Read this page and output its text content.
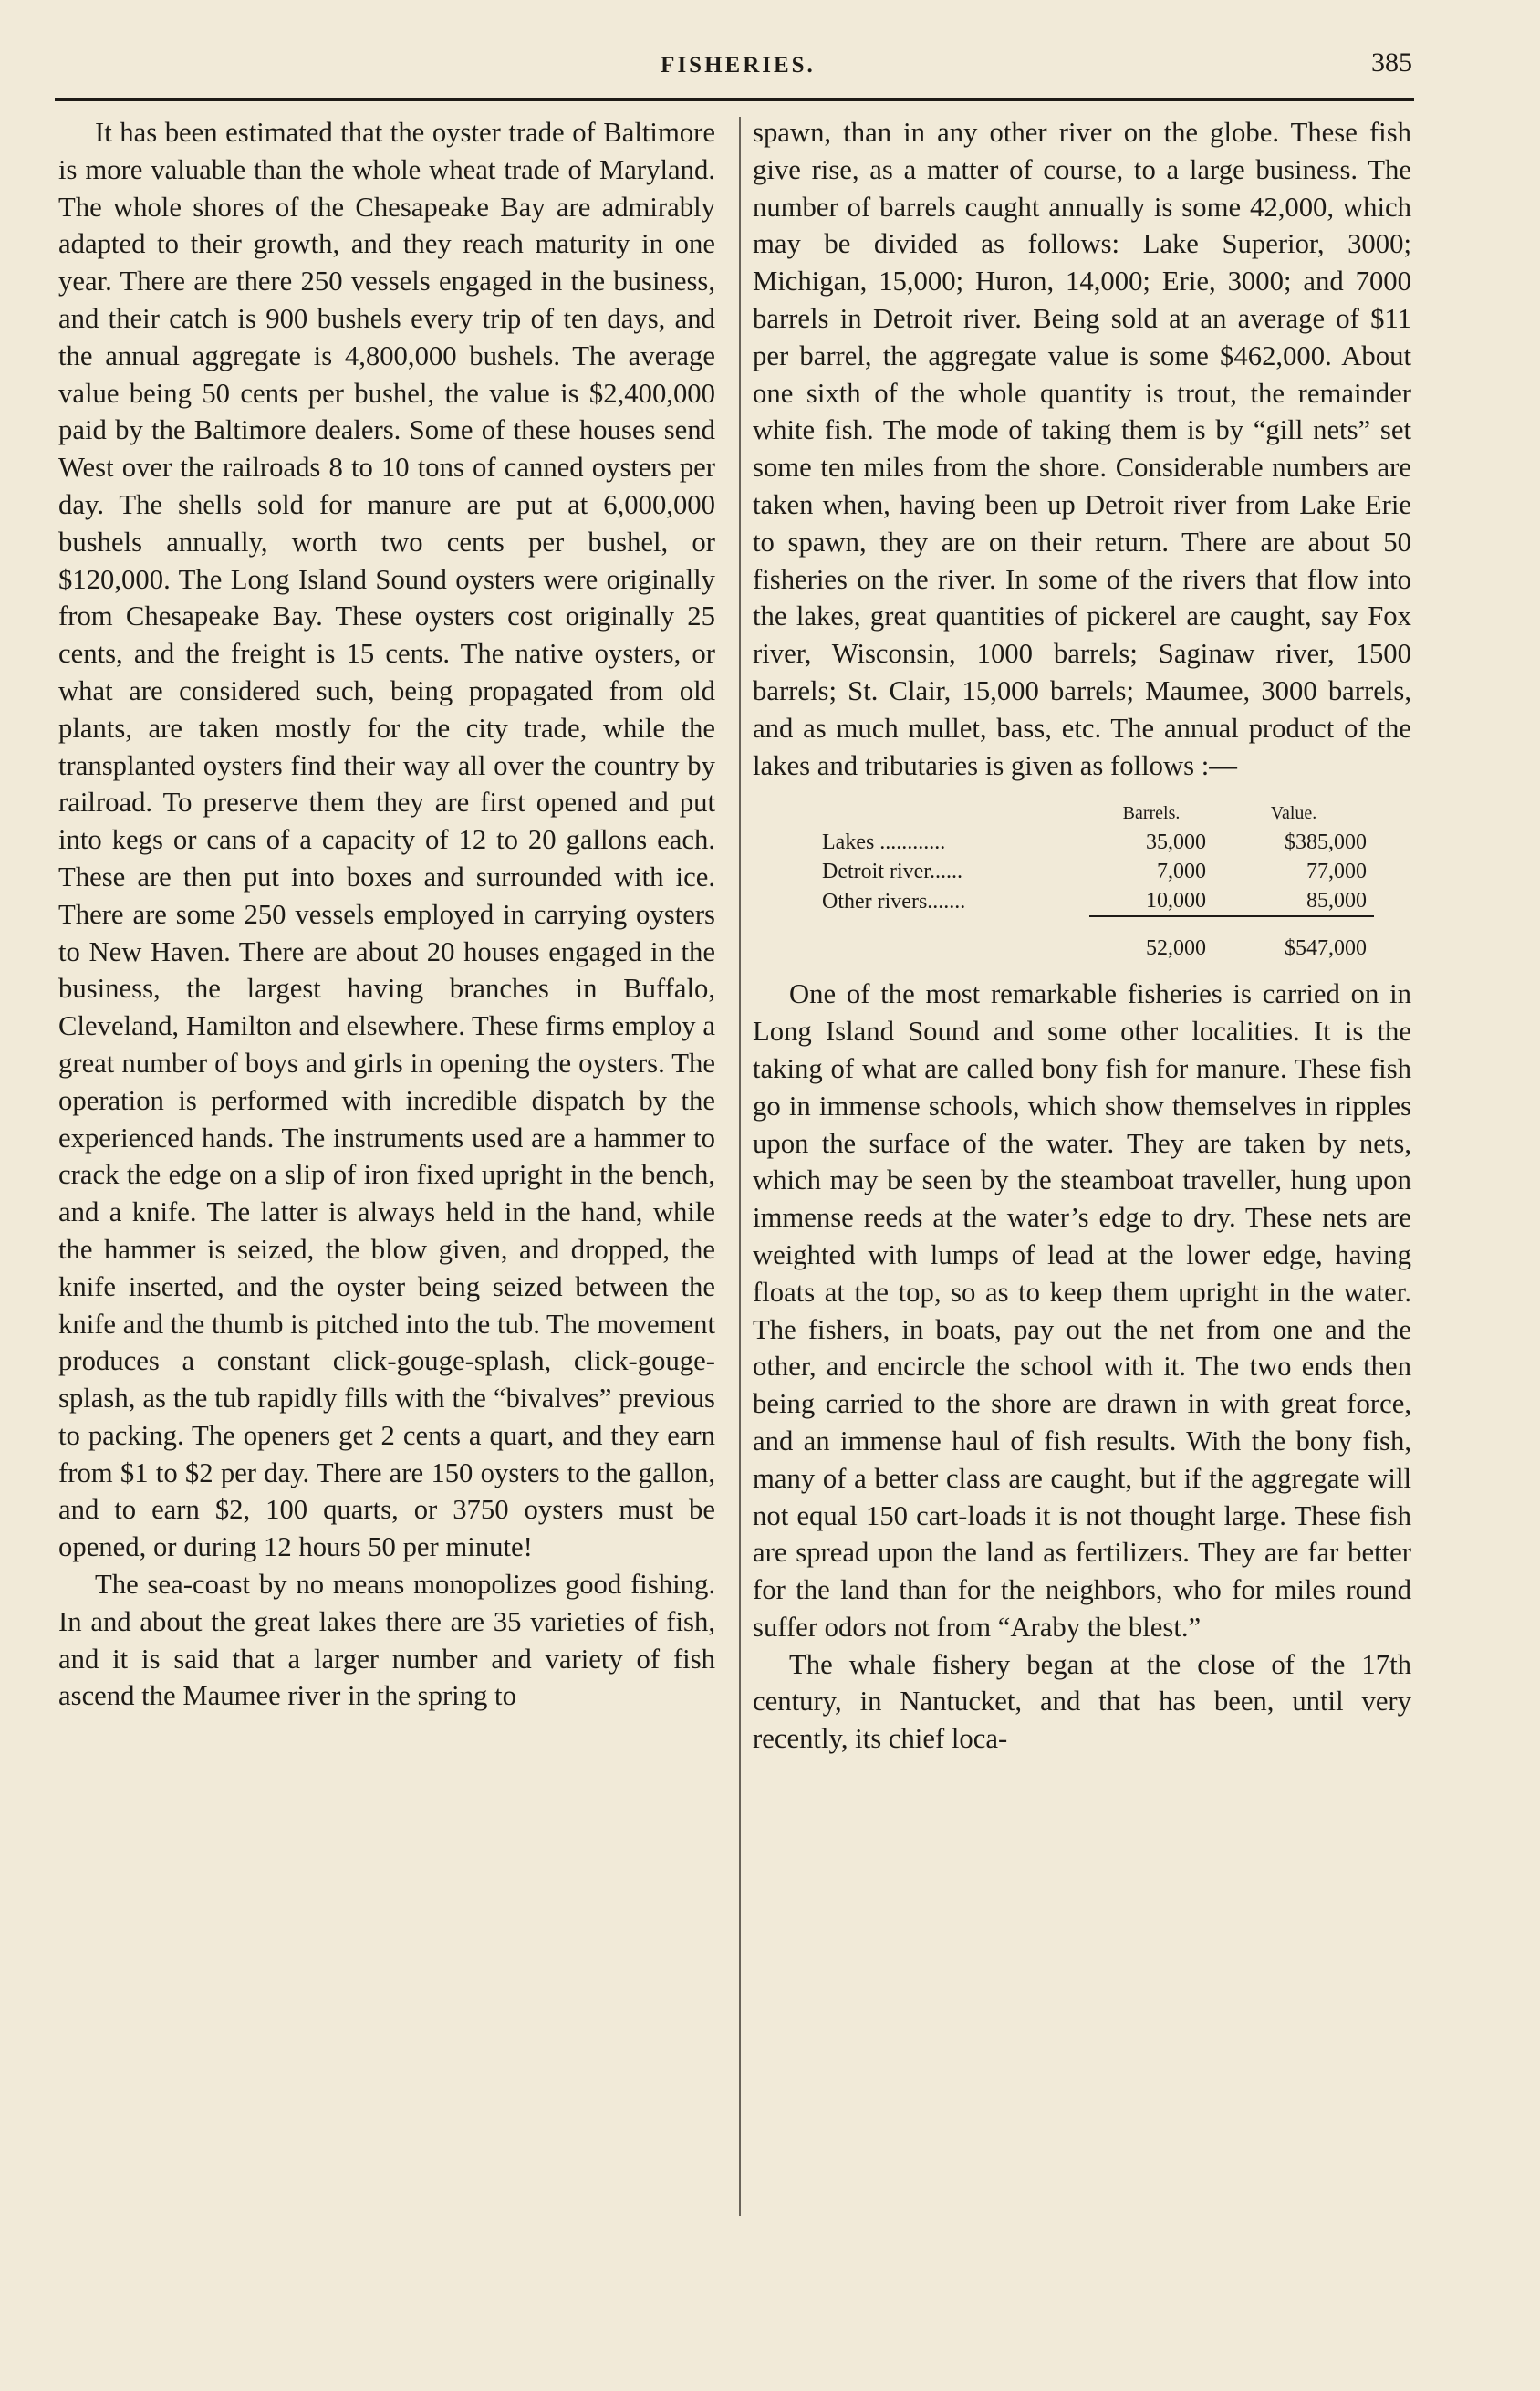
FISHERIES.	385

It has been estimated that the oyster trade of Baltimore is more valuable than the whole wheat trade of Maryland. The whole shores of the Chesapeake Bay are admirably adapted to their growth, and they reach maturity in one year. There are there 250 vessels engaged in the business, and their catch is 900 bushels every trip of ten days, and the annual aggregate is 4,800,000 bushels. The average value being 50 cents per bushel, the value is $2,400,000 paid by the Baltimore dealers. Some of these houses send West over the railroads 8 to 10 tons of canned oysters per day. The shells sold for manure are put at 6,000,000 bushels annually, worth two cents per bushel, or $120,000. The Long Island Sound oysters were originally from Chesapeake Bay. These oysters cost originally 25 cents, and the freight is 15 cents. The native oysters, or what are considered such, being propagated from old plants, are taken mostly for the city trade, while the transplanted oysters find their way all over the country by railroad. To preserve them they are first opened and put into kegs or cans of a capacity of 12 to 20 gallons each. These are then put into boxes and surrounded with ice. There are some 250 vessels employed in carrying oysters to New Haven. There are about 20 houses engaged in the business, the largest having branches in Buffalo, Cleveland, Hamilton and elsewhere. These firms employ a great number of boys and girls in opening the oysters. The operation is performed with incredible dispatch by the experienced hands. The instruments used are a hammer to crack the edge on a slip of iron fixed upright in the bench, and a knife. The latter is always held in the hand, while the hammer is seized, the blow given, and dropped, the knife inserted, and the oyster being seized between the knife and the thumb is pitched into the tub. The movement produces a constant click-gouge-splash, click-gouge-splash, as the tub rapidly fills with the “bivalves” previous to packing. The openers get 2 cents a quart, and they earn from $1 to $2 per day. There are 150 oysters to the gallon, and to earn $2, 100 quarts, or 3750 oysters must be opened, or during 12 hours 50 per minute!

The sea-coast by no means monopolizes good fishing. In and about the great lakes there are 35 varieties of fish, and it is said that a larger number and variety of fish ascend the Maumee river in the spring to

spawn, than in any other river on the globe. These fish give rise, as a matter of course, to a large business. The number of barrels caught annually is some 42,000, which may be divided as follows: Lake Superior, 3000; Michigan, 15,000; Huron, 14,000; Erie, 3000; and 7000 barrels in Detroit river. Being sold at an average of $11 per barrel, the aggregate value is some $462,000. About one sixth of the whole quantity is trout, the remainder white fish. The mode of taking them is by “gill nets” set some ten miles from the shore. Considerable numbers are taken when, having been up Detroit river from Lake Erie to spawn, they are on their return. There are about 50 fisheries on the river. In some of the rivers that flow into the lakes, great quantities of pickerel are caught, say Fox river, Wisconsin, 1000 barrels; Saginaw river, 1500 barrels; St. Clair, 15,000 barrels; Maumee, 3000 barrels, and as much mullet, bass, etc. The annual product of the lakes and tributaries is given as follows :—

	Barrels.	Value.
Lakes ............	35,000	$385,000
Detroit river......	7,000	77,000
Other rivers.......	10,000	85,000
	52,000	$547,000

One of the most remarkable fisheries is carried on in Long Island Sound and some other localities. It is the taking of what are called bony fish for manure. These fish go in immense schools, which show themselves in ripples upon the surface of the water. They are taken by nets, which may be seen by the steamboat traveller, hung upon immense reeds at the water’s edge to dry. These nets are weighted with lumps of lead at the lower edge, having floats at the top, so as to keep them upright in the water. The fishers, in boats, pay out the net from one and the other, and encircle the school with it. The two ends then being carried to the shore are drawn in with great force, and an immense haul of fish results. With the bony fish, many of a better class are caught, but if the aggregate will not equal 150 cart-loads it is not thought large. These fish are spread upon the land as fertilizers. They are far better for the land than for the neighbors, who for miles round suffer odors not from “Araby the blest.”

The whale fishery began at the close of the 17th century, in Nantucket, and that has been, until very recently, its chief loca-
